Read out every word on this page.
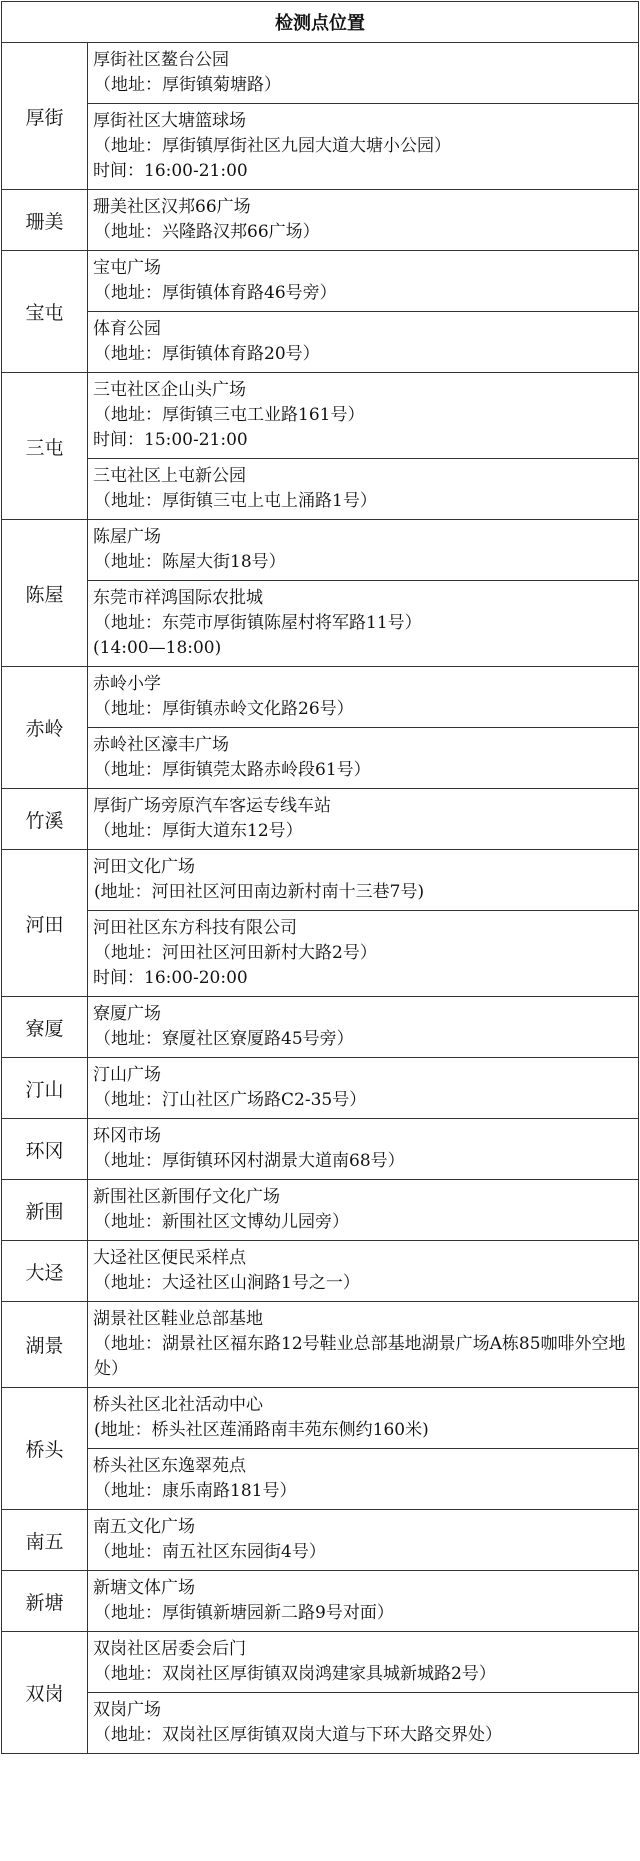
检测点位置	
厚街	厚街社区鳌台公园
（地址：厚街镇菊塘路）

	厚街社区大塘篮球场
（地址：厚街镇厚街社区九园大道大塘小公园）
时间：16:00-21:00

珊美	珊美社区汉邦66广场
（地址：兴隆路汉邦66广场）

宝屯	宝屯广场
（地址：厚街镇体育路46号旁）

	体育公园
（地址：厚街镇体育路20号）

三屯	三屯社区企山头广场
（地址：厚街镇三屯工业路161号）
时间：15:00-21:00

	三屯社区上屯新公园
（地址：厚街镇三屯上屯上涌路1号）

陈屋	陈屋广场
（地址：陈屋大街18号）

	东莞市祥鸿国际农批城
（地址：东莞市厚街镇陈屋村将军路11号）
(14:00—18:00)

赤岭	赤岭小学
（地址：厚街镇赤岭文化路26号）

	赤岭社区濠丰广场
（地址：厚街镇莞太路赤岭段61号）

竹溪	厚街广场旁原汽车客运专线车站
（地址：厚街大道东12号）

河田	河田文化广场
(地址：河田社区河田南边新村南十三巷7号)

	河田社区东方科技有限公司
（地址：河田社区河田新村大路2号）
时间：16:00-20:00

寮厦	寮厦广场
（地址：寮厦社区寮厦路45号旁）

汀山	汀山广场
（地址：汀山社区广场路C2-35号）

环冈	环冈市场
（地址：厚街镇环冈村湖景大道南68号）

新围	新围社区新围仔文化广场
（地址：新围社区文博幼儿园旁）

大迳	大迳社区便民采样点
（地址：大迳社区山涧路1号之一）

湖景	湖景社区鞋业总部基地
（地址：湖景社区福东路12号鞋业总部基地湖景广场A栋85咖啡外空地处）

桥头	桥头社区北社活动中心
(地址：桥头社区莲涌路南丰苑东侧约160米)

	桥头社区东逸翠苑点
（地址：康乐南路181号）

南五	南五文化广场
（地址：南五社区东园街4号）

新塘	新塘文体广场
（地址：厚街镇新塘园新二路9号对面）

双岗	双岗社区居委会后门
（地址：双岗社区厚街镇双岗鸿建家具城新城路2号）

	双岗广场
（地址：双岗社区厚街镇双岗大道与下环大路交界处）
